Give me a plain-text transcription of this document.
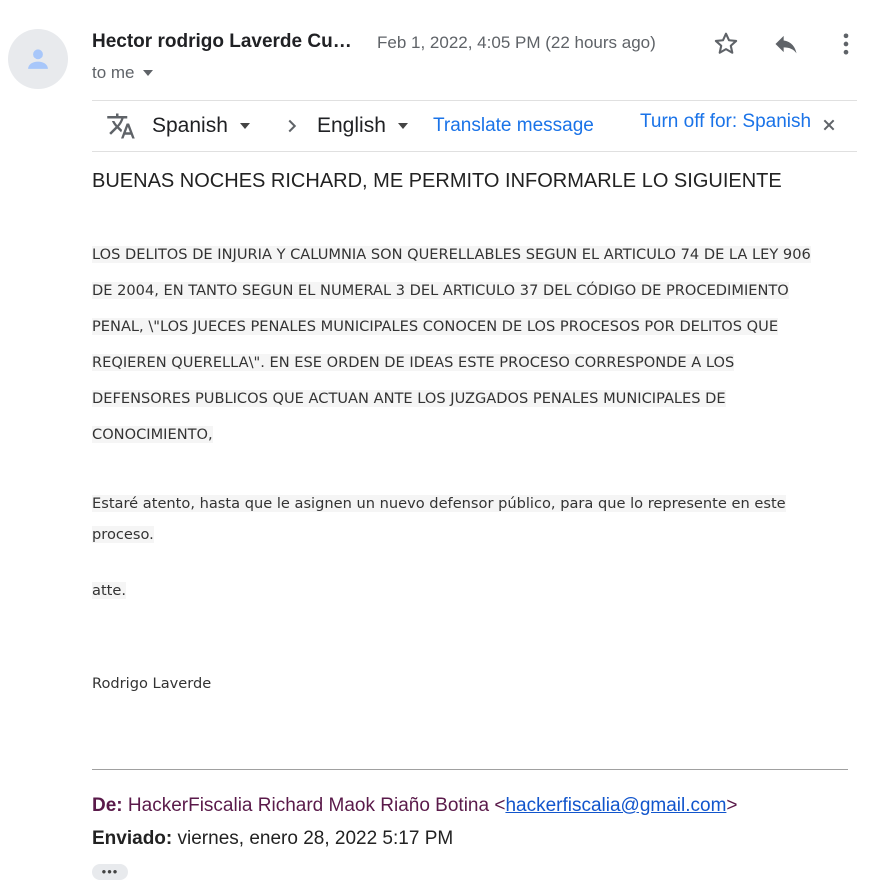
Hector rodrigo Laverde Cu…	Feb 1, 2022, 4:05 PM (22 hours ago)
to me
Spanish	English Translate message Turn off for: Spanish
BUENAS NOCHES RICHARD, ME PERMITO INFORMARLE LO SIGUIENTE
LOS DELITOS DE INJURIA Y CALUMNIA SON QUERELLABLES SEGUN EL ARTICULO 74 DE LA LEY 906
DE 2004, EN TANTO SEGUN EL NUMERAL 3 DEL ARTICULO 37 DEL CÓDIGO DE PROCEDIMIENTO
PENAL, \"LOS JUECES PENALES MUNICIPALES CONOCEN DE LOS PROCESOS POR DELITOS QUE
REQIEREN QUERELLA\". EN ESE ORDEN DE IDEAS ESTE PROCESO CORRESPONDE A LOS
DEFENSORES PUBLICOS QUE ACTUAN ANTE LOS JUZGADOS PENALES MUNICIPALES DE
CONOCIMIENTO,
Estaré atento, hasta que le asignen un nuevo defensor público, para que lo represente en este
proceso.
atte.
Rodrigo Laverde
De: HackerFiscalia Richard Maok Riaño Botina <hackerfiscalia@gmail.com>
Enviado: viernes, enero 28, 2022 5:17 PM
•••
